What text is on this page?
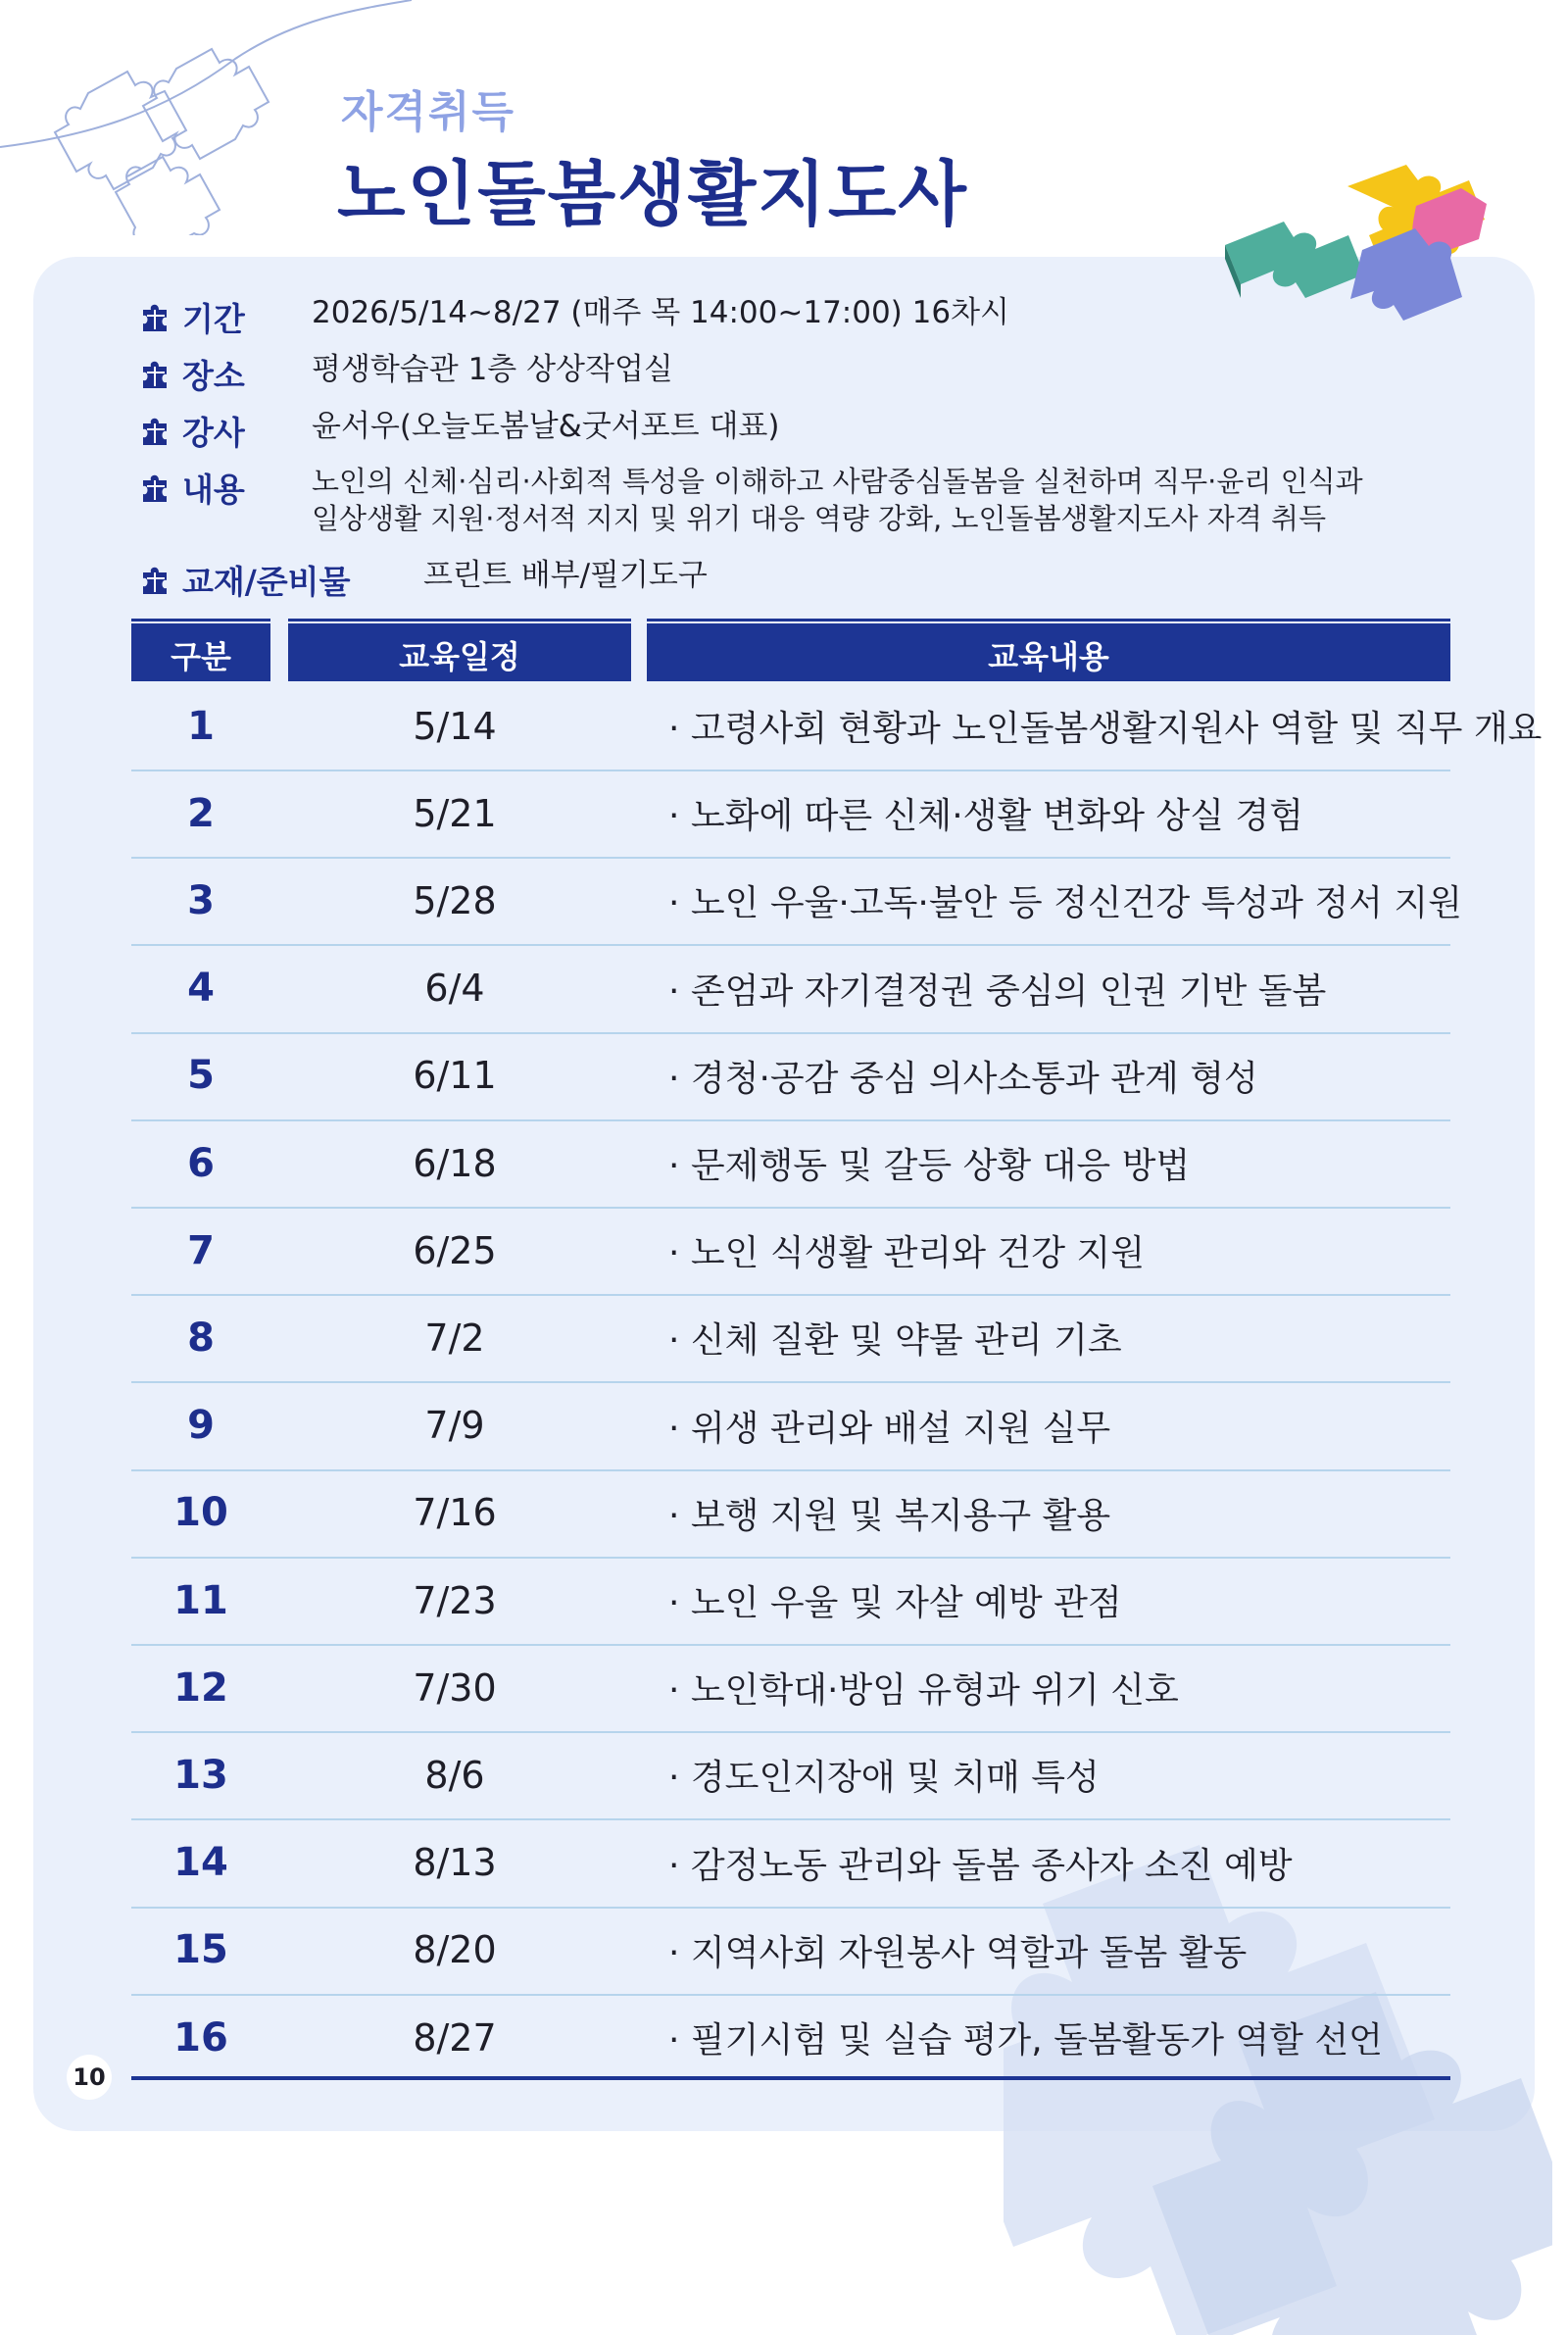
자격취득
노인돌봄생활지도사
기간 2026/5/14~8/27 (매주 목 14:00~17:00) 16차시
장소 평생학습관 1층 상상작업실
강사 윤서우(오늘도봄날&굿서포트 대표)
내용 노인의 신체·심리·사회적 특성을 이해하고 사람중심돌봄을 실천하며 직무·윤리 인식과
일상생활 지원·정서적 지지 및 위기 대응 역량 강화, 노인돌봄생활지도사 자격 취득
교재/준비물 프린트 배부/필기도구
구분	교육일정	교육내용
1	5/14	· 고령사회 현황과 노인돌봄생활지원사 역할 및 직무 개요
2	5/21	· 노화에 따른 신체·생활 변화와 상실 경험
3	5/28	· 노인 우울·고독·불안 등 정신건강 특성과 정서 지원
4	6/4	· 존엄과 자기결정권 중심의 인권 기반 돌봄
5	6/11	· 경청·공감 중심 의사소통과 관계 형성
6	6/18	· 문제행동 및 갈등 상황 대응 방법
7	6/25	· 노인 식생활 관리와 건강 지원
8	7/2	· 신체 질환 및 약물 관리 기초
9	7/9	· 위생 관리와 배설 지원 실무
10	7/16	· 보행 지원 및 복지용구 활용
11	7/23	· 노인 우울 및 자살 예방 관점
12	7/30	· 노인학대·방임 유형과 위기 신호
13	8/6	· 경도인지장애 및 치매 특성
14	8/13	· 감정노동 관리와 돌봄 종사자 소진 예방
15	8/20	· 지역사회 자원봉사 역할과 돌봄 활동
16	8/27	· 필기시험 및 실습 평가, 돌봄활동가 역할 선언
10
